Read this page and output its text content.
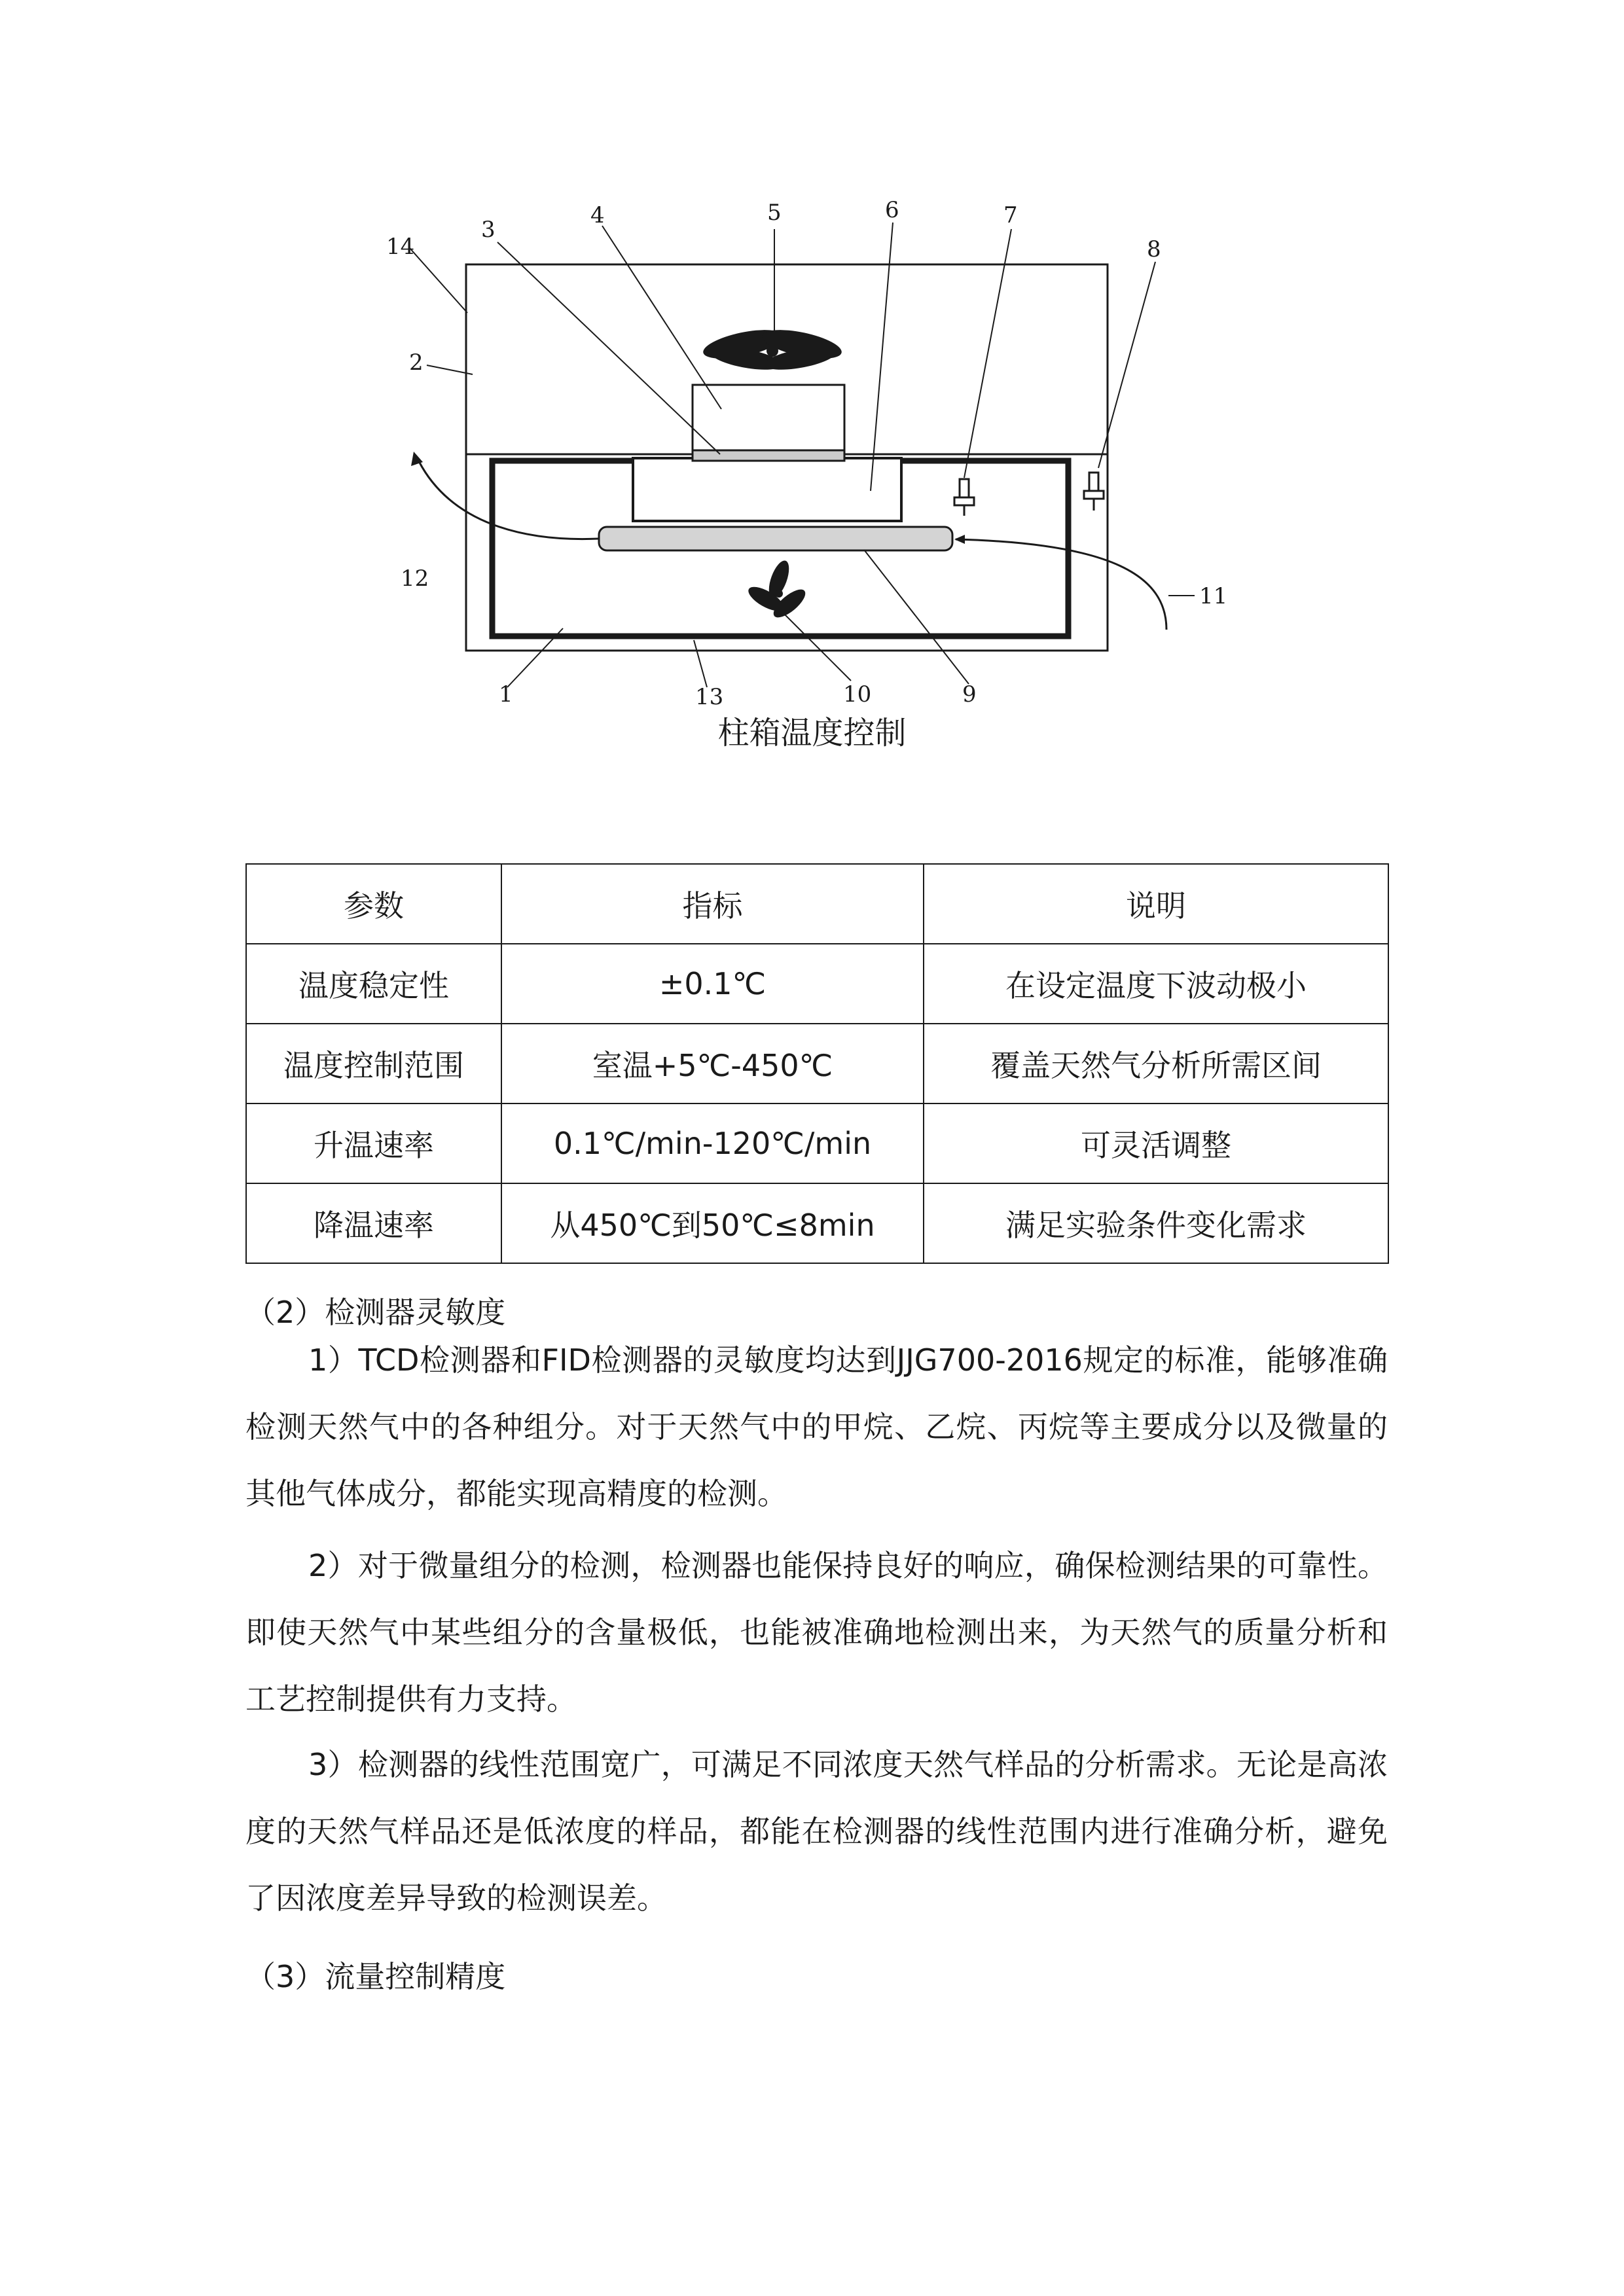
14
2
3
4	5	6	7
8
11
12
1	13	10	9
柱箱温度控制
参数	指标	说明
温度稳定性	±0.1℃	在设定温度下波动极小
温度控制范围	室温+5℃-450℃	覆盖天然气分析所需区间
升温速率	0.1℃/min-120℃/min	可灵活调整
降温速率	从450℃到50℃≤8min	满足实验条件变化需求
（2）检测器灵敏度

1）TCD检测器和FID检测器的灵敏度均达到JJG700-2016规定的标准，能够准确检测天然气中的各种组分。对于天然气中的甲烷、乙烷、丙烷等主要成分以及微量的其他气体成分，都能实现高精度的检测。

2）对于微量组分的检测，检测器也能保持良好的响应，确保检测结果的可靠性。即使天然气中某些组分的含量极低，也能被准确地检测出来，为天然气的质量分析和工艺控制提供有力支持。

3）检测器的线性范围宽广，可满足不同浓度天然气样品的分析需求。无论是高浓度的天然气样品还是低浓度的样品，都能在检测器的线性范围内进行准确分析，避免了因浓度差异导致的检测误差。

（3）流量控制精度
